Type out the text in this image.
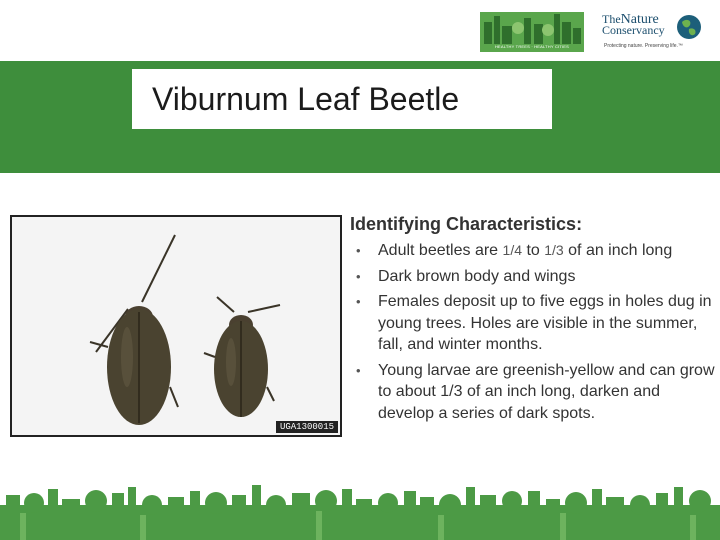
HEALTHY TREES · HEALTHY CITIES
TheNature
Conservancy
Protecting nature. Preserving life.™
Viburnum Leaf Beetle
UGA1300015
Identifying Characteristics:
• Adult beetles are 1/4 to 1/3 of an inch long
• Dark brown body and wings
• Females deposit up to five eggs in holes dug in young trees. Holes are visible in the summer, fall, and winter months.
• Young larvae are greenish-yellow and can grow to about 1/3 of an inch long, darken and develop a series of dark spots.
